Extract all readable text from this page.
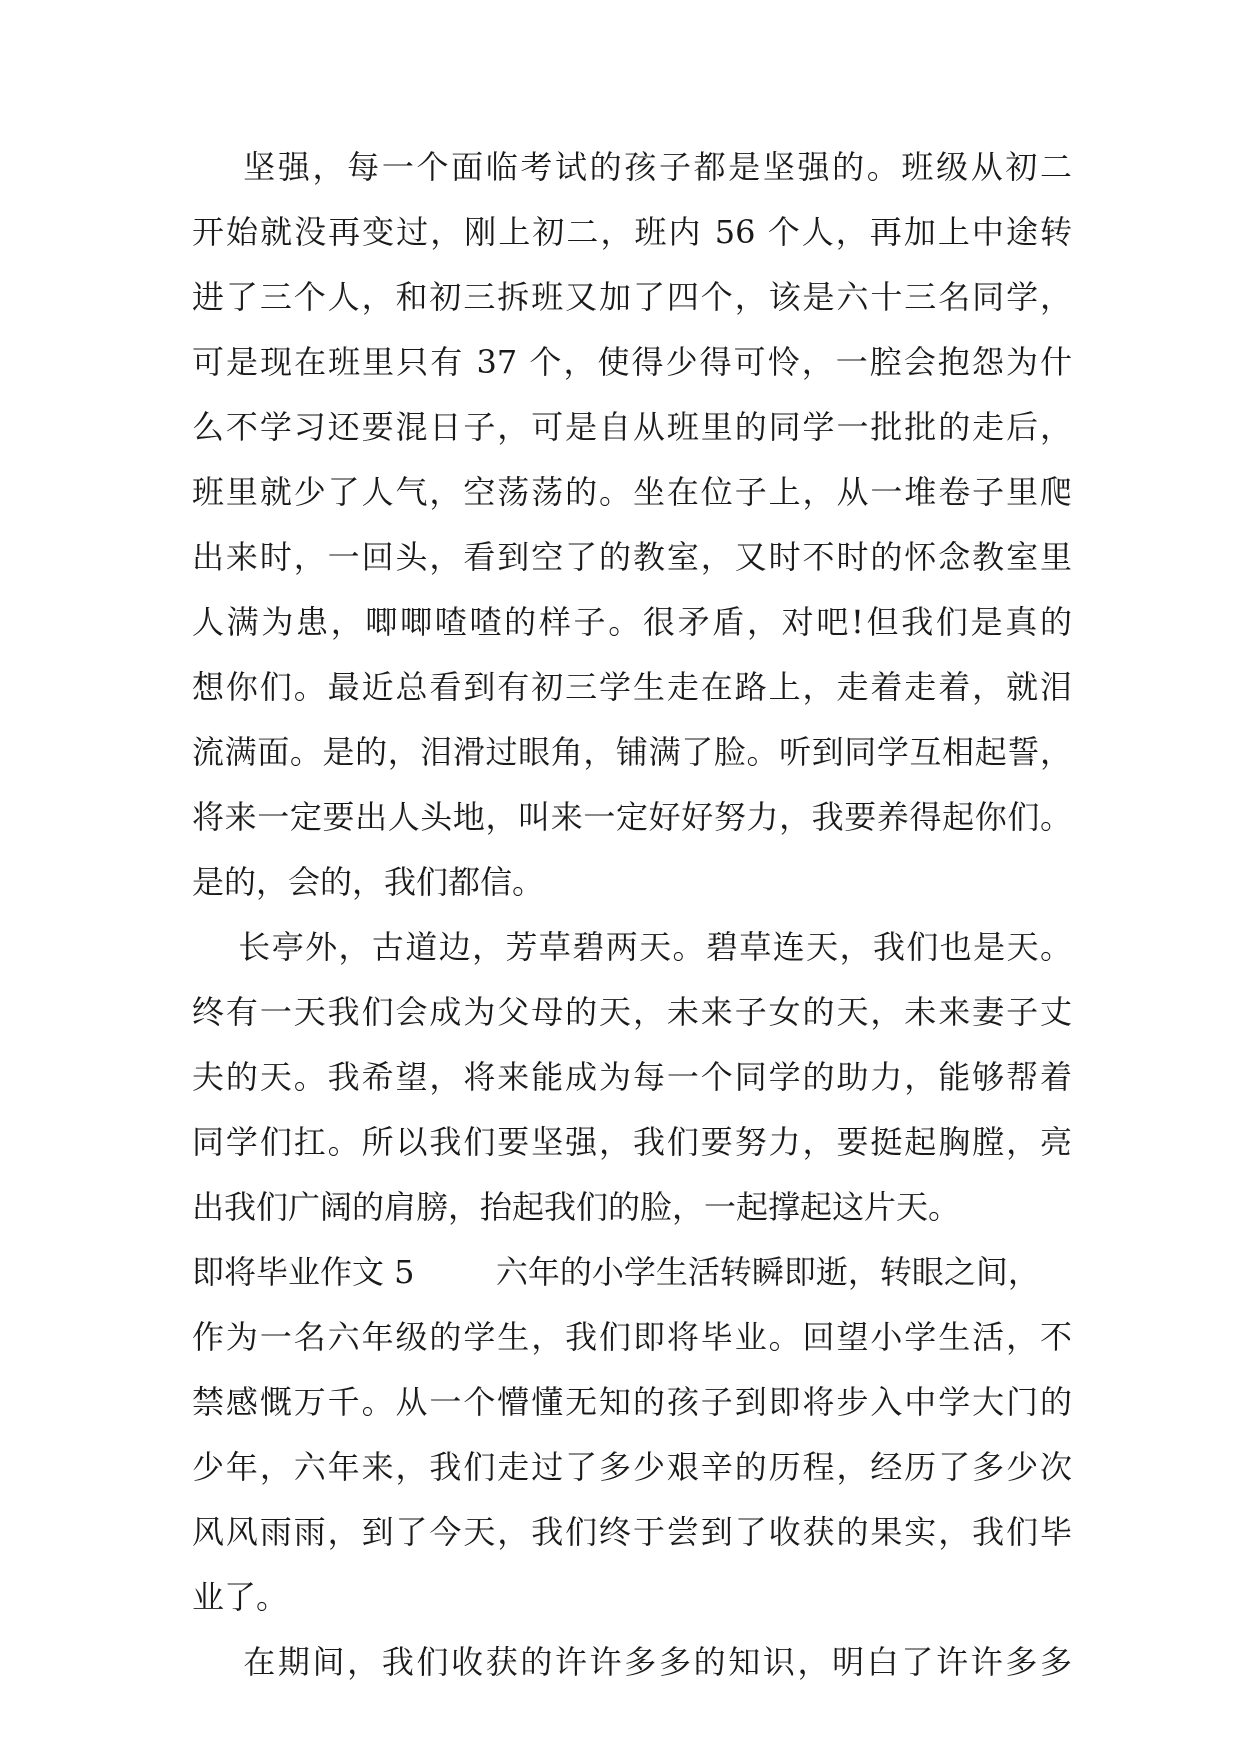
坚强，每一个面临考试的孩子都是坚强的。班级从初二
开始就没再变过，刚上初二，班内 56 个人，再加上中途转
进了三个人，和初三拆班又加了四个，该是六十三名同学，
可是现在班里只有 37 个，使得少得可怜，一腔会抱怨为什
么不学习还要混日子，可是自从班里的同学一批批的走后，
班里就少了人气，空荡荡的。坐在位子上，从一堆卷子里爬
出来时，一回头，看到空了的教室，又时不时的怀念教室里
人满为患，唧唧喳喳的样子。很矛盾，对吧!但我们是真的
想你们。最近总看到有初三学生走在路上，走着走着，就泪
流满面。是的，泪滑过眼角，铺满了脸。听到同学互相起誓，
将来一定要出人头地，叫来一定好好努力，我要养得起你们。
是的，会的，我们都信。
长亭外，古道边，芳草碧两天。碧草连天，我们也是天。
终有一天我们会成为父母的天，未来子女的天，未来妻子丈
夫的天。我希望，将来能成为每一个同学的助力，能够帮着
同学们扛。所以我们要坚强，我们要努力，要挺起胸膛，亮
出我们广阔的肩膀，抬起我们的脸，一起撑起这片天。
即将毕业作文 5        六年的小学生活转瞬即逝，转眼之间，
作为一名六年级的学生，我们即将毕业。回望小学生活，不
禁感慨万千。从一个懵懂无知的孩子到即将步入中学大门的
少年，六年来，我们走过了多少艰辛的历程，经历了多少次
风风雨雨，到了今天，我们终于尝到了收获的果实，我们毕
业了。
在期间，我们收获的许许多多的知识，明白了许许多多
